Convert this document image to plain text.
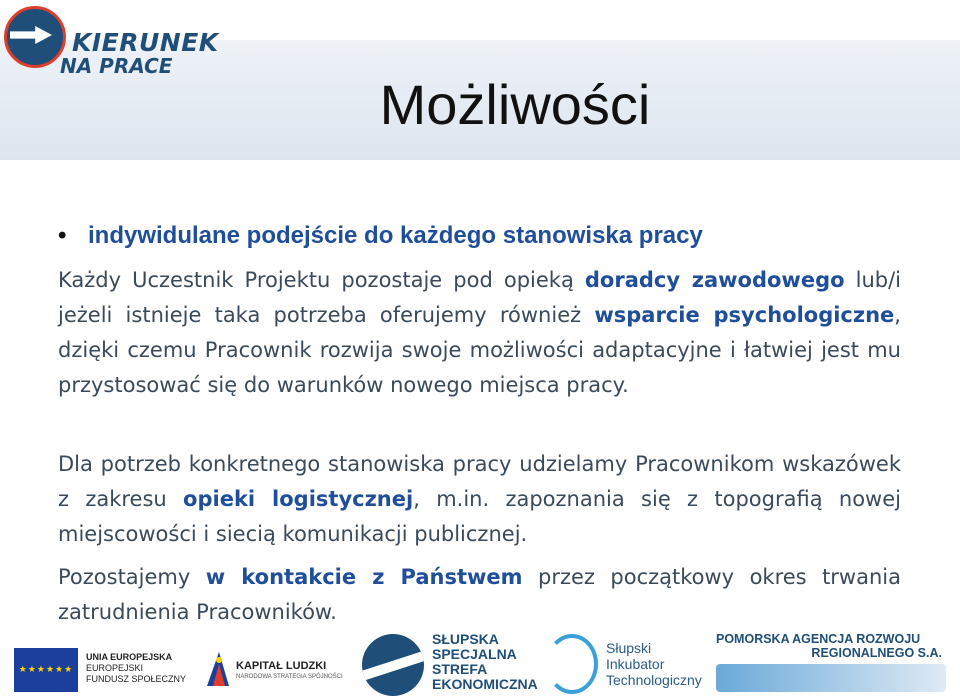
KIERUNEK
NA PRACE
Możliwości
• indywidulane podejście do każdego stanowiska pracy

Każdy Uczestnik Projektu pozostaje pod opieką doradcy zawodowego lub/i jeżeli istnieje taka potrzeba oferujemy również wsparcie psychologiczne, dzięki czemu Pracownik rozwija swoje możliwości adaptacyjne i łatwiej jest mu przystosować się do warunków nowego miejsca pracy.

Dla potrzeb konkretnego stanowiska pracy udzielamy Pracownikom wskazówek z zakresu opieki logistycznej, m.in. zapoznania się z topografią nowej miejscowości i siecią komunikacji publicznej.

Pozostajemy w kontakcie z Państwem przez początkowy okres trwania zatrudnienia Pracowników.

★★★★★★
UNIA EUROPEJSKA
EUROPEJSKI
FUNDUSZ SPOŁECZNY
KAPITAŁ LUDZKI
NARODOWA STRATEGIA SPÓJNOŚCI
SŁUPSKA
SPECJALNA
STREFA
EKONOMICZNA
Słupski
Inkubator
Technologiczny
POMORSKA AGENCJA ROZWOJU
REGIONALNEGO S.A.
